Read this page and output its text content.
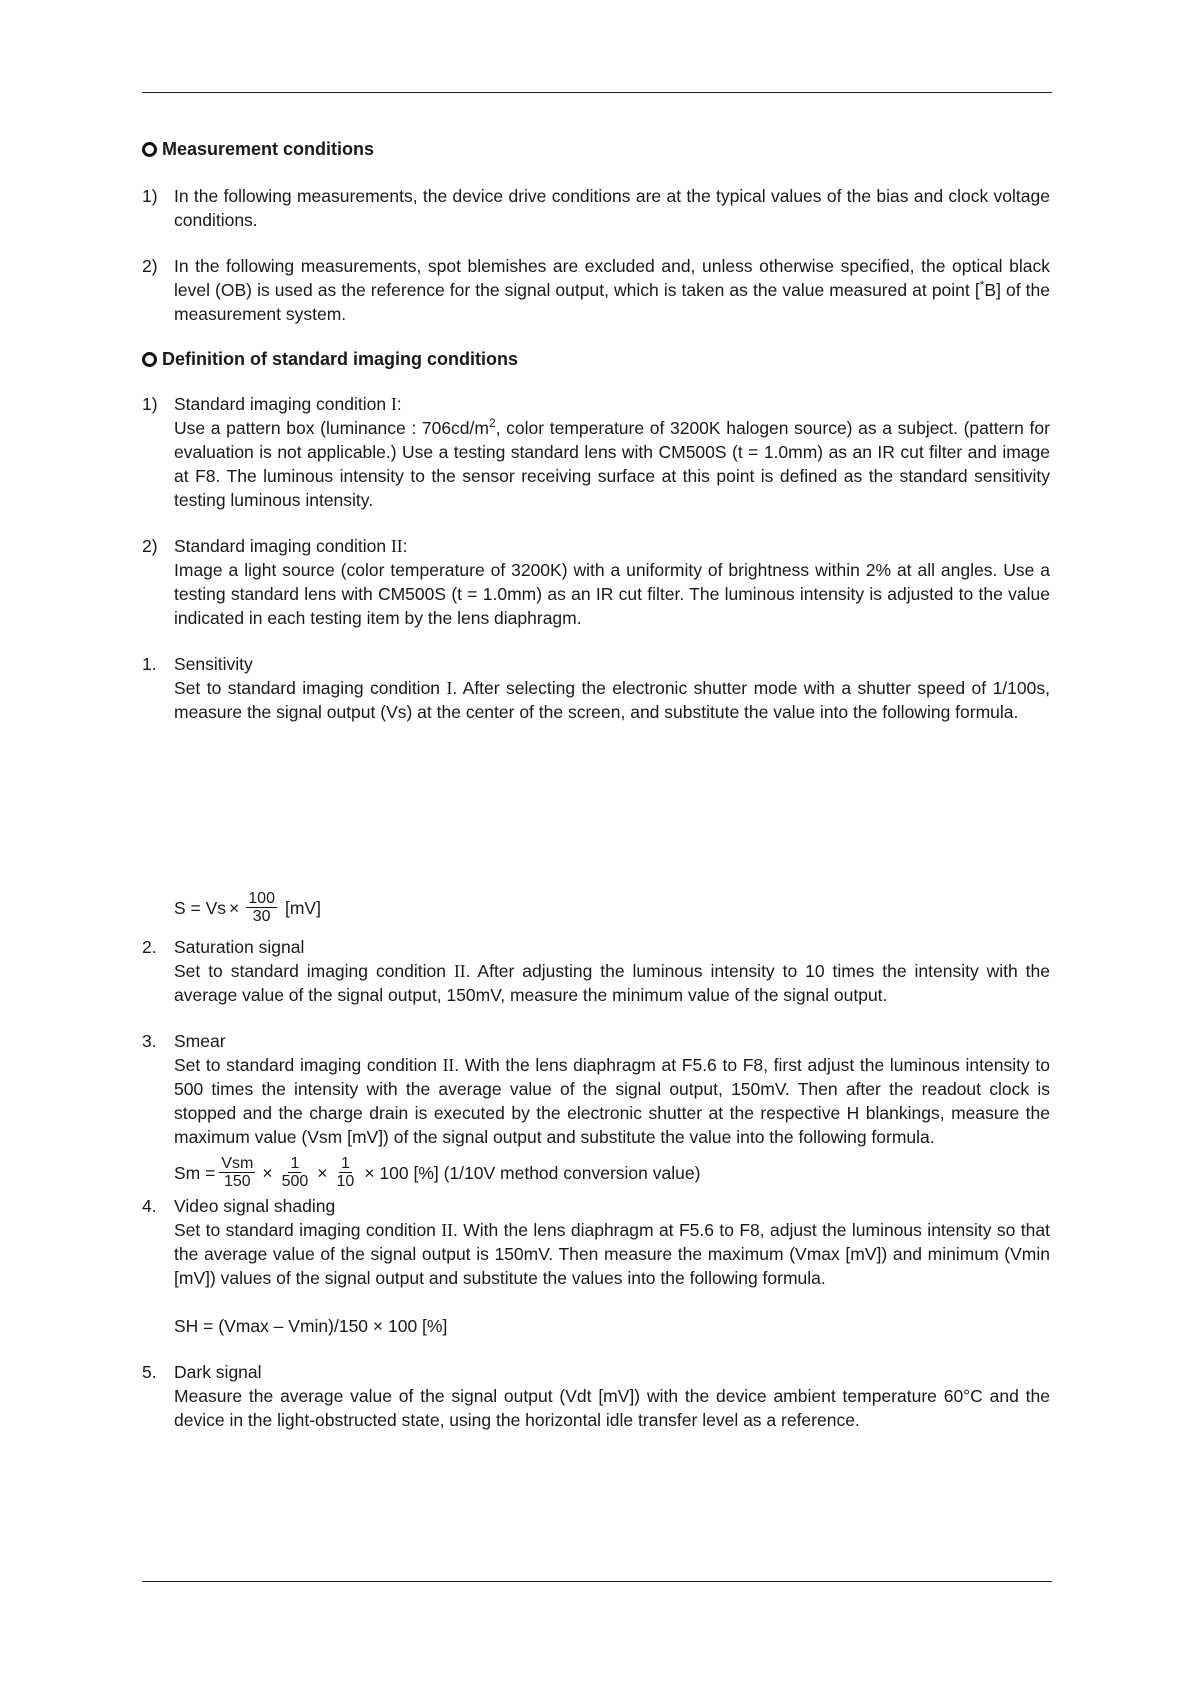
Measurement conditions
1) In the following measurements, the device drive conditions are at the typical values of the bias and clock voltage conditions.

2) In the following measurements, spot blemishes are excluded and, unless otherwise specified, the optical black level (OB) is used as the reference for the signal output, which is taken as the value measured at point [*B] of the measurement system.

Definition of standard imaging conditions
1) Standard imaging condition I:

Use a pattern box (luminance : $706cd/m^2$, color temperature of 3200K halogen source) as a subject. (pattern for evaluation is not applicable.) Use a testing standard lens with CM500S (t = 1.0mm) as an IR cut filter and image at F8. The luminous intensity to the sensor receiving surface at this point is defined as the standard sensitivity testing luminous intensity.

2) Standard imaging condition II:

Image a light source (color temperature of 3200K) with a uniformity of brightness within 2% at all angles. Use a testing standard lens with CM500S (t = 1.0mm) as an IR cut filter. The luminous intensity is adjusted to the value indicated in each testing item by the lens diaphragm.

1. Sensitivity

Set to standard imaging condition I. After selecting the electronic shutter mode with a shutter speed of 1/100s, measure the signal output (Vs) at the center of the screen, and substitute the value into the following formula.

$S = Vs \times \frac{100}{30} [mV]$
2. Saturation signal

Set to standard imaging condition II. After adjusting the luminous intensity to 10 times the intensity with the average value of the signal output, 150mV, measure the minimum value of the signal output.

3. Smear

Set to standard imaging condition II. With the lens diaphragm at F5.6 to F8, first adjust the luminous intensity to 500 times the intensity with the average value of the signal output, 150mV. Then after the readout clock is stopped and the charge drain is executed by the electronic shutter at the respective H blankings, measure the maximum value (Vsm [mV]) of the signal output and substitute the value into the following formula.

$Sm = \frac{\text{Vsm}}{150} \times \frac{1}{500} \times \frac{1}{10} \times 100$ [%] (1/10V method conversion value)
4. Video signal shading

Set to standard imaging condition II. With the lens diaphragm at F5.6 to F8, adjust the luminous intensity so that the average value of the signal output is 150mV. Then measure the maximum (Vmax [mV]) and minimum (Vmin [mV]) values of the signal output and substitute the values into the following formula.

SH = (Vmax – Vmin)/150 × 100 [%]

5. Dark signal

Measure the average value of the signal output (Vdt [mV]) with the device ambient temperature 60°C and the device in the light-obstructed state, using the horizontal idle transfer level as a reference.
